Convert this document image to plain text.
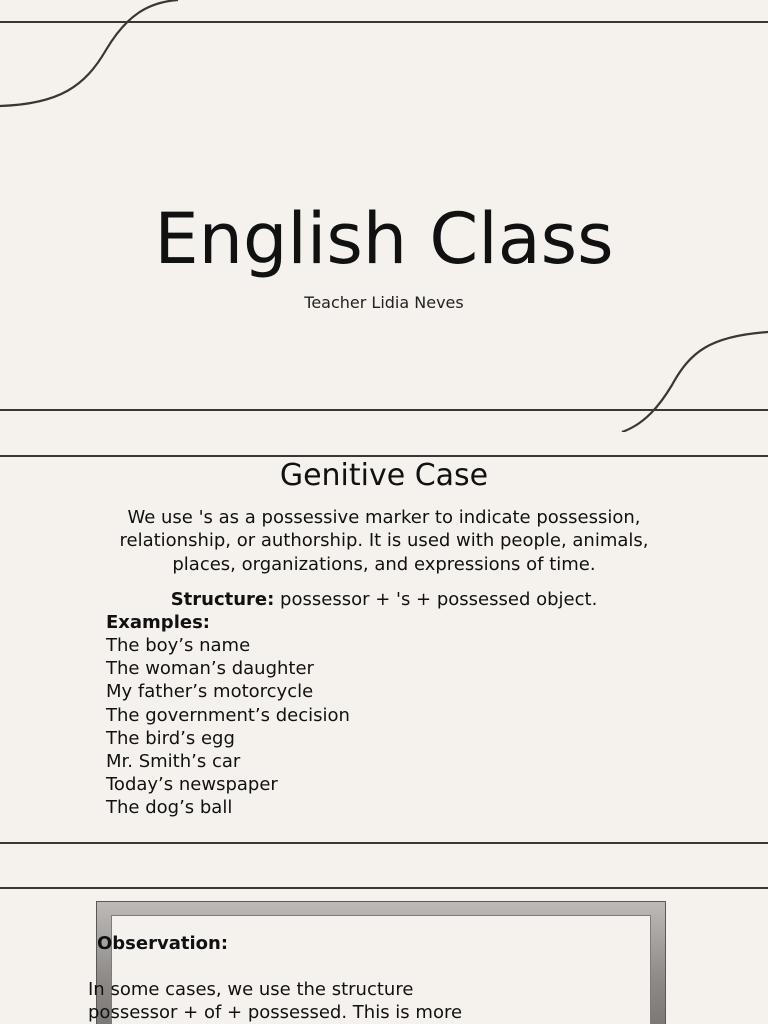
English Class
Teacher Lidia Neves
Genitive Case
We use 's as a possessive marker to indicate possession, relationship, or authorship. It is used with people, animals, places, organizations, and expressions of time.
Structure: possessor + 's + possessed object.
Examples:
The boy’s name
The woman’s daughter
My father’s motorcycle
The government’s decision
The bird’s egg
Mr. Smith’s car
Today’s newspaper
The dog’s ball
Observation:
In some cases, we use the structure
possessor + of + possessed. This is more
